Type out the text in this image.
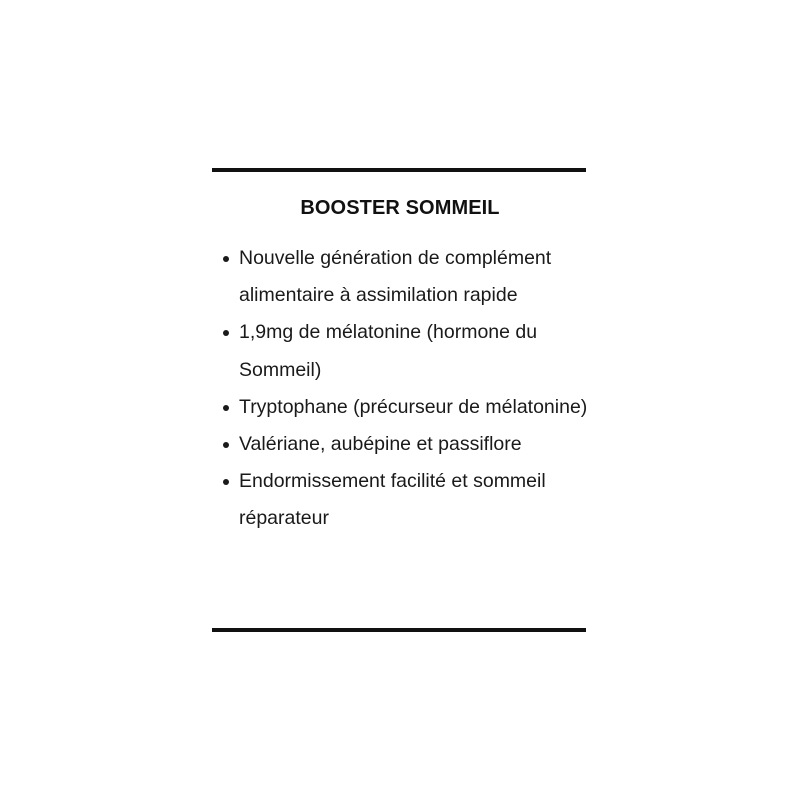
BOOSTER SOMMEIL
Nouvelle génération de complément alimentaire à assimilation rapide
1,9mg de mélatonine (hormone du Sommeil)
Tryptophane (précurseur de mélatonine)
Valériane, aubépine et passiflore
Endormissement facilité et sommeil réparateur
